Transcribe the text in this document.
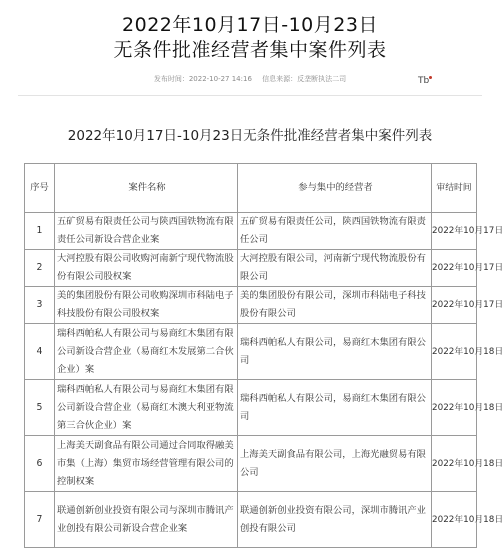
2022年10月17日-10月23日
无条件批准经营者集中案件列表
发布时间：2022-10-27 14:16 信息来源：反垄断执法二司	Tb
2022年10月17日-10月23日无条件批准经营者集中案件列表
序号	案件名称	参与集中的经营者	审结时间
1	五矿贸易有限责任公司与陕西国铁物流有限责任公司新设合营企业案	五矿贸易有限责任公司，陕西国铁物流有限责任公司	2022年10月17日
2	大河控股有限公司收购河南新宁现代物流股份有限公司股权案	大河控股有限公司，河南新宁现代物流股份有限公司	2022年10月17日
3	美的集团股份有限公司收购深圳市科陆电子科技股份有限公司股权案	美的集团股份有限公司，深圳市科陆电子科技股份有限公司	2022年10月17日
4	瑞科西帕私人有限公司与易商红木集团有限公司新设合营企业（易商红木发展第二合伙企业）案	瑞科西帕私人有限公司，易商红木集团有限公司	2022年10月18日
5	瑞科西帕私人有限公司与易商红木集团有限公司新设合营企业（易商红木澳大利亚物流第三合伙企业）案	瑞科西帕私人有限公司，易商红木集团有限公司	2022年10月18日
6	上海美天副食品有限公司通过合同取得融美市集（上海）集贸市场经营管理有限公司的控制权案	上海美天副食品有限公司，上海光融贸易有限公司	2022年10月18日
7	联通创新创业投资有限公司与深圳市腾讯产业创投有限公司新设合营企业案	联通创新创业投资有限公司，深圳市腾讯产业创投有限公司	2022年10月18日
